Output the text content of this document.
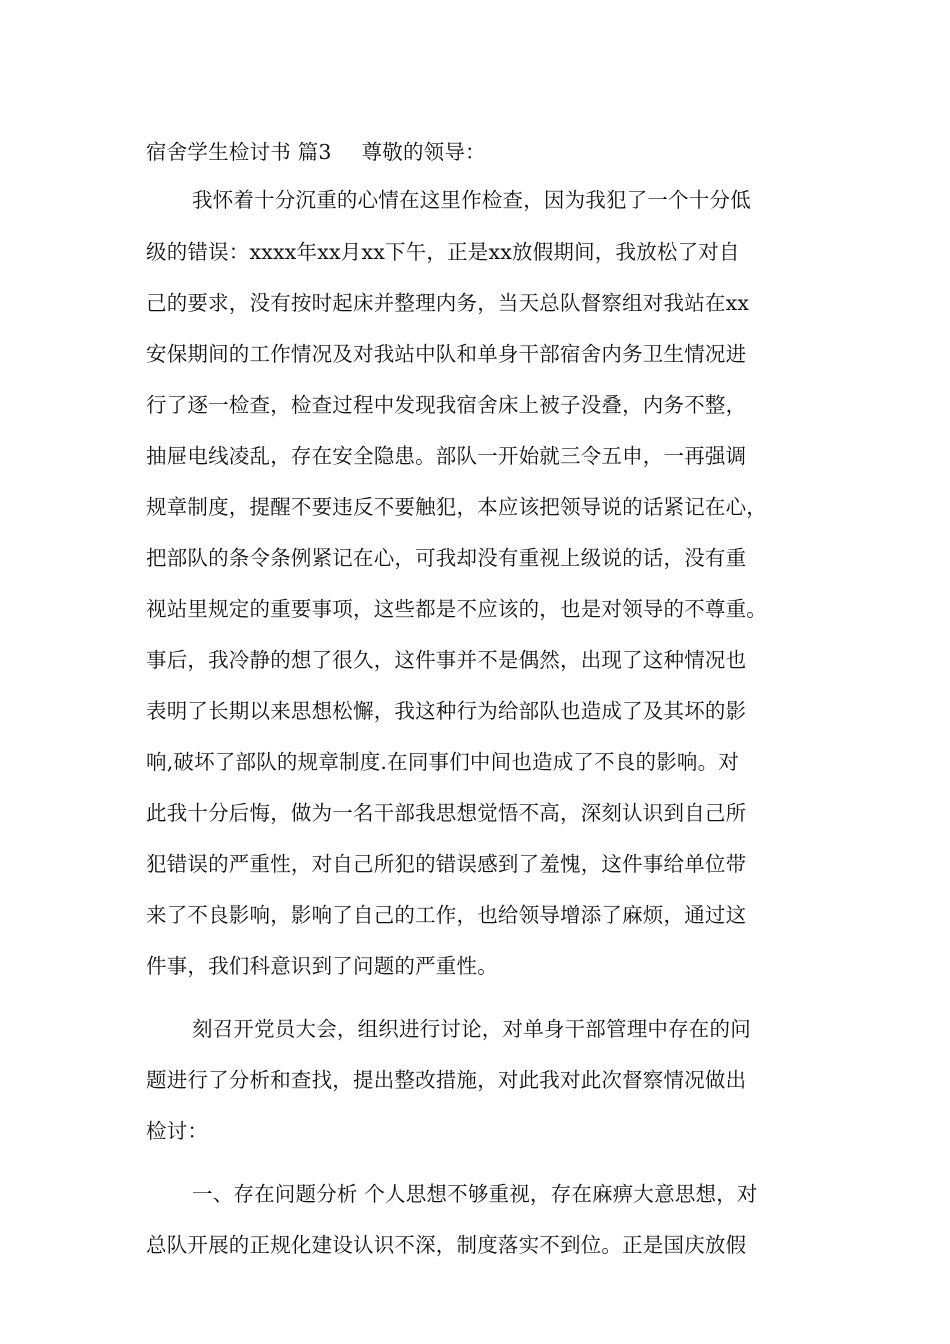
宿舍学生检讨书 篇3 尊敬的领导：
我怀着十分沉重的心情在这里作检查，因为我犯了一个十分低
级的错误：xxxx年xx月xx下午，正是xx放假期间，我放松了对自
己的要求，没有按时起床并整理内务，当天总队督察组对我站在xx
安保期间的工作情况及对我站中队和单身干部宿舍内务卫生情况进
行了逐一检查，检查过程中发现我宿舍床上被子没叠，内务不整，
抽屉电线凌乱，存在安全隐患。部队一开始就三令五申，一再强调
规章制度，提醒不要违反不要触犯，本应该把领导说的话紧记在心，
把部队的条令条例紧记在心，可我却没有重视上级说的话，没有重
视站里规定的重要事项，这些都是不应该的，也是对领导的不尊重。
事后，我冷静的想了很久，这件事并不是偶然，出现了这种情况也
表明了长期以来思想松懈，我这种行为给部队也造成了及其坏的影
响,破坏了部队的规章制度.在同事们中间也造成了不良的影响。对
此我十分后悔，做为一名干部我思想觉悟不高，深刻认识到自己所
犯错误的严重性，对自己所犯的错误感到了羞愧，这件事给单位带
来了不良影响，影响了自己的工作，也给领导增添了麻烦，通过这
件事，我们科意识到了问题的严重性。
刻召开党员大会，组织进行讨论，对单身干部管理中存在的问
题进行了分析和查找，提出整改措施，对此我对此次督察情况做出
检讨：
一、存在问题分析 个人思想不够重视，存在麻痹大意思想，对
总队开展的正规化建设认识不深，制度落实不到位。正是国庆放假
